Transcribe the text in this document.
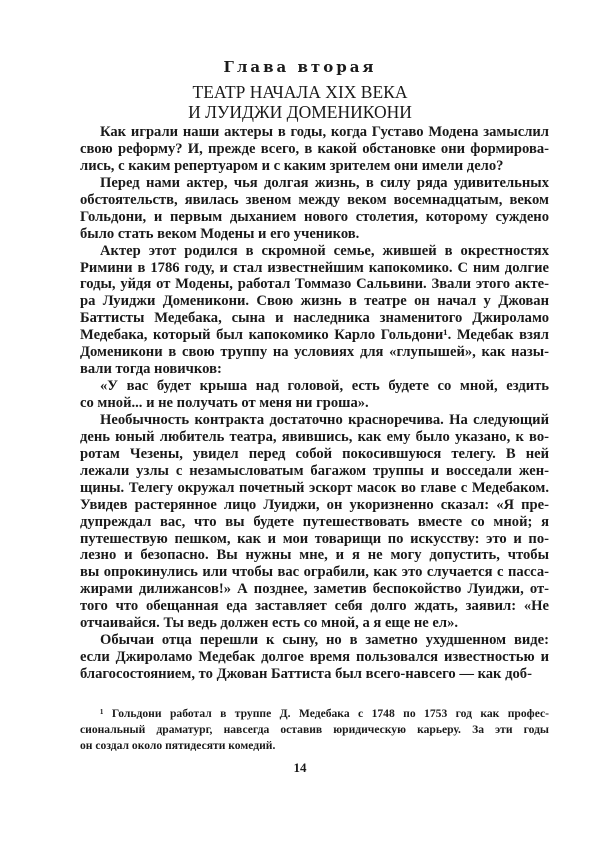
Глава вторая
ТЕАТР НАЧАЛА XIX ВЕКА
И ЛУИДЖИ ДОМЕНИКОНИ
Как играли наши актеры в годы, когда Густаво Модена замыслил
свою реформу? И, прежде всего, в какой обстановке они формирова-
лись, с каким репертуаром и с каким зрителем они имели дело?
Перед нами актер, чья долгая жизнь, в силу ряда удивительных
обстоятельств, явилась звеном между веком восемнадцатым, веком
Гольдони, и первым дыханием нового столетия, которому суждено
было стать веком Модены и его учеников.
Актер этот родился в скромной семье, жившей в окрестностях
Римини в 1786 году, и стал известнейшим капокомико. С ним долгие
годы, уйдя от Модены, работал Томмазо Сальвини. Звали этого акте-
ра Луиджи Доменикони. Свою жизнь в театре он начал у Джован
Баттисты Медебака, сына и наследника знаменитого Джироламо
Медебака, который был капокомико Карло Гольдони¹. Медебак взял
Доменикони в свою труппу на условиях для «глупышей», как назы-
вали тогда новичков:
«У вас будет крыша над головой, есть будете со мной, ездить
со мной... и не получать от меня ни гроша».
Необычность контракта достаточно красноречива. На следующий
день юный любитель театра, явившись, как ему было указано, к во-
ротам Чезены, увидел перед собой покосившуюся телегу. В ней
лежали узлы с незамысловатым багажом труппы и восседали жен-
щины. Телегу окружал почетный эскорт масок во главе с Медебаком.
Увидев растерянное лицо Луиджи, он укоризненно сказал: «Я пре-
дупреждал вас, что вы будете путешествовать вместе со мной; я
путешествую пешком, как и мои товарищи по искусству: это и по-
лезно и безопасно. Вы нужны мне, и я не могу допустить, чтобы
вы опрокинулись или чтобы вас ограбили, как это случается с пасса-
жирами дилижансов!» А позднее, заметив беспокойство Луиджи, от-
того что обещанная еда заставляет себя долго ждать, заявил: «Не
отчаивайся. Ты ведь должен есть со мной, а я еще не ел».
Обычаи отца перешли к сыну, но в заметно ухудшенном виде:
если Джироламо Медебак долгое время пользовался известностью и
благосостоянием, то Джован Баттиста был всего-навсего — как доб-
¹ Гольдони работал в труппе Д. Медебака с 1748 по 1753 год как профес-
сиональный драматург, навсегда оставив юридическую карьеру. За эти годы
он создал около пятидесяти комедий.
14
